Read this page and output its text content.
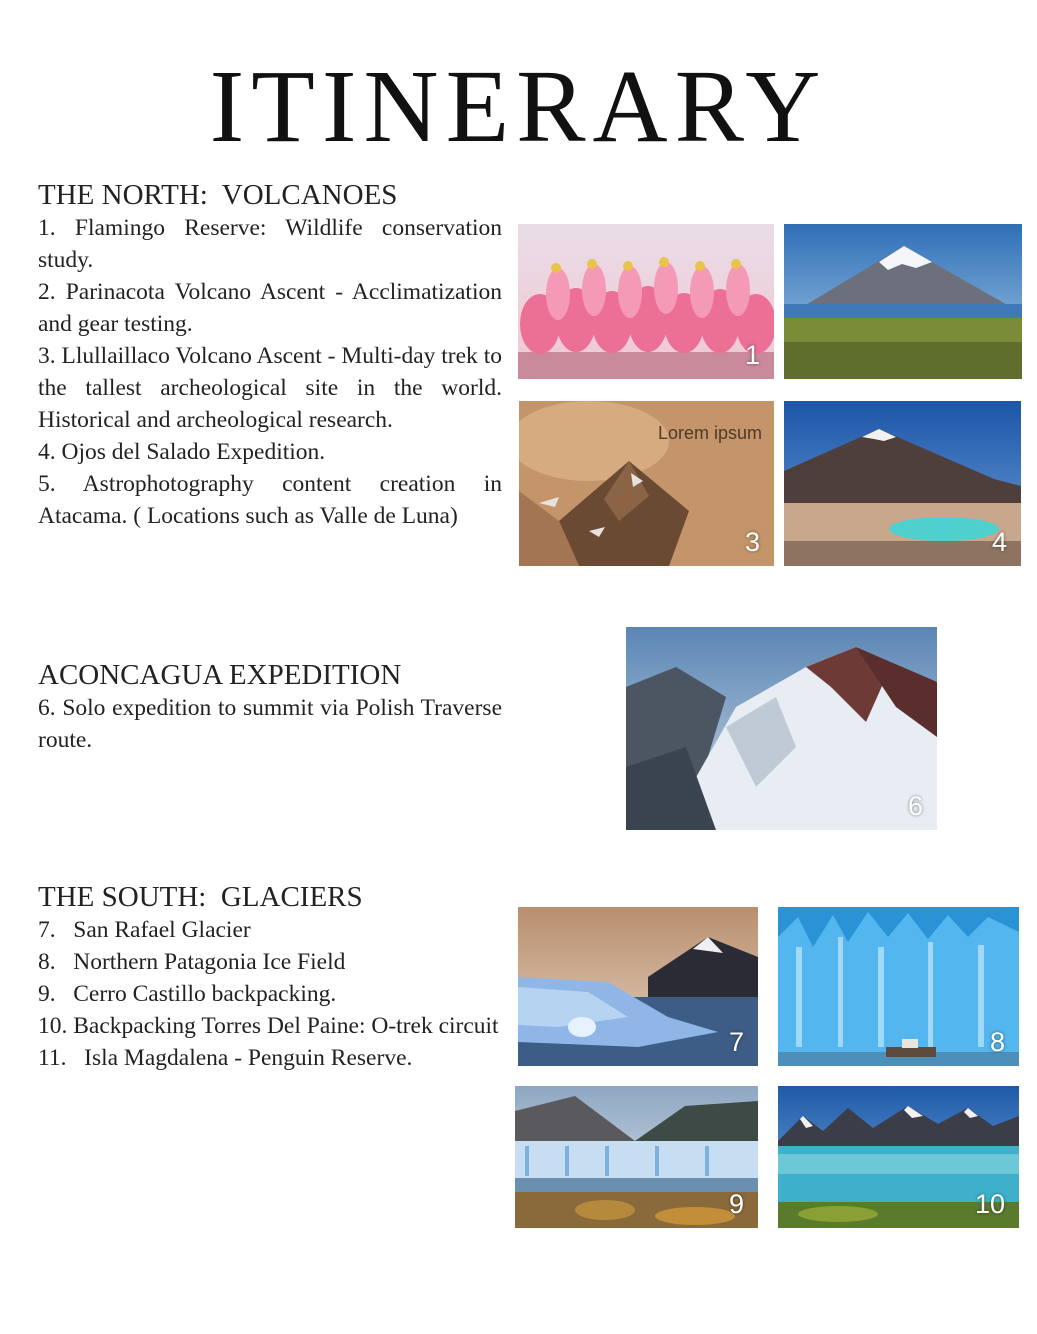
ITINERARY
THE NORTH:  VOLCANOES

1. Flamingo Reserve: Wildlife conservation study.

2. Parinacota Volcano Ascent - Acclimatization and gear testing.

3. Llullaillaco Volcano Ascent - Multi-day trek to the tallest archeological site in the world. Historical and archeological research.

4. Ojos del Salado Expedition.

5. Astrophotography content creation in Atacama. ( Locations such as Valle de Luna)

ACONCAGUA EXPEDITION

6. Solo expedition to summit via Polish Traverse route.

THE SOUTH:  GLACIERS

7.   San Rafael Glacier

8.   Northern Patagonia Ice Field

9.   Cerro Castillo backpacking.

10. Backpacking Torres Del Paine: O-trek circuit

11.   Isla Magdalena - Penguin Reserve.

1
Lorem ipsum
3	4
6
7	8
9	10
